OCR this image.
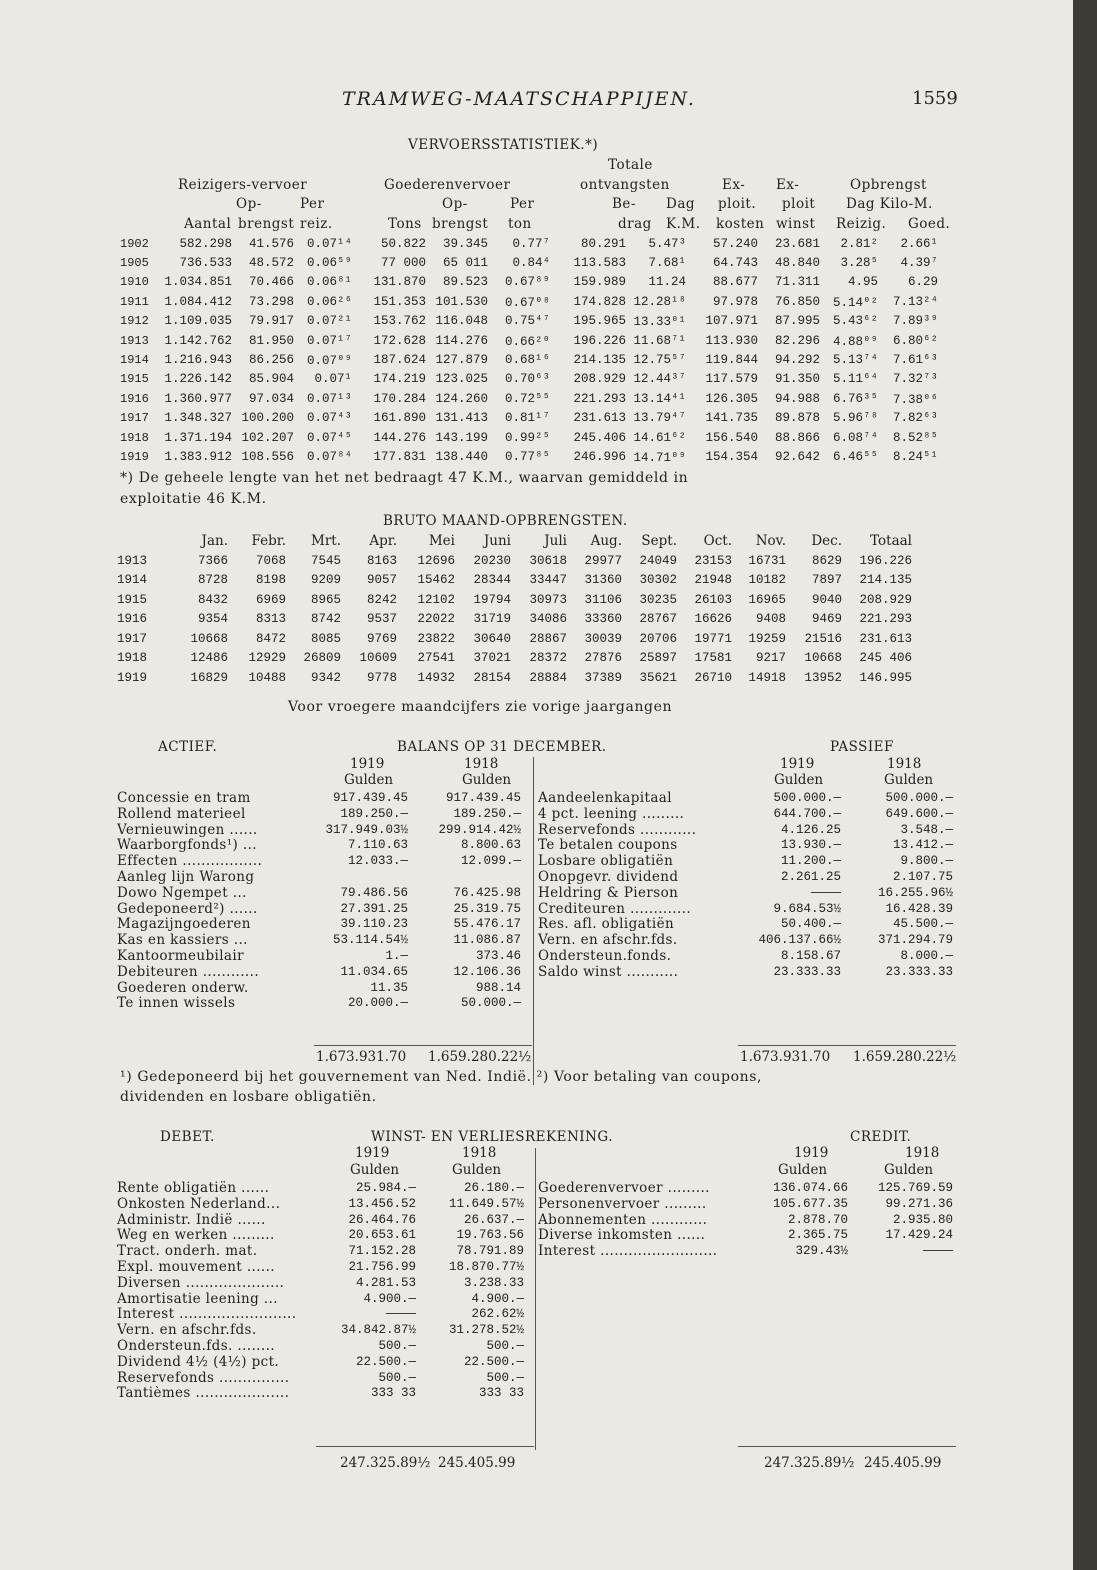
TRAMWEG-MAATSCHAPPIJEN.	1559
VERVOERSSTATISTIEK.*)
Totale
Reizigers-vervoer	Goederenvervoer	ontvangsten	Ex- Ex-	Opbrengst
Op-	Per	Op-	Per	Be- Dag ploit. ploit Dag Kilo-M.
Aantal brengst reiz.	Tons brengst ton	drag K.M. kosten winst Reizig. Goed.
1902	582.298	41.576	0.07¹⁴	50.822	39.345	0.77⁷	80.291	5.47³	57.240	23.681	2.81²	2.66¹
1905	736.533	48.572	0.06⁵⁹	77 000	65 011	0.84⁴	113.583	7.68¹	64.743	48.840	3.28⁵	4.39⁷
1910	1.034.851	70.466	0.06⁸¹	131.870	89.523	0.67⁸⁹	159.989	11.24	88.677	71.311	4.95	6.29
1911	1.084.412	73.298	0.06²⁶	151.353	101.530	0.67⁰⁸	174.828	12.28¹⁸	97.978	76.850	5.14⁰²	7.13²⁴
1912	1.109.035	79.917	0.07²¹	153.762	116.048	0.75⁴⁷	195.965	13.33⁰¹	107.971	87.995	5.43⁶²	7.89³⁹
1913	1.142.762	81.950	0.07¹⁷	172.628	114.276	0.66²⁰	196.226	11.68⁷¹	113.930	82.296	4.88⁰⁹	6.80⁶²
1914	1.216.943	86.256	0.07⁰⁹	187.624	127.879	0.68¹⁶	214.135	12.75⁵⁷	119.844	94.292	5.13⁷⁴	7.61⁶³
1915	1.226.142	85.904	0.07¹	174.219	123.025	0.70⁶³	208.929	12.44³⁷	117.579	91.350	5.11⁶⁴	7.32⁷³
1916	1.360.977	97.034	0.07¹³	170.284	124.260	0.72⁵⁵	221.293	13.14⁴¹	126.305	94.988	6.76³⁵	7.38⁰⁶
1917	1.348.327	100.200	0.07⁴³	161.890	131.413	0.81¹⁷	231.613	13.79⁴⁷	141.735	89.878	5.96⁷⁸	7.82⁶³
1918	1.371.194	102.207	0.07⁴⁵	144.276	143.199	0.99²⁵	245.406	14.61⁶²	156.540	88.866	6.08⁷⁴	8.52⁸⁵
1919	1.383.912	108.556	0.07⁸⁴	177.831	138.440	0.77⁸⁵	246.996	14.71⁰⁹	154.354	92.642	6.46⁵⁵	8.24⁵¹
*) De geheele lengte van het net bedraagt 47 K.M., waarvan gemiddeld in
exploitatie 46 K.M.
BRUTO MAAND-OPBRENGSTEN.
	Jan.	Febr.	Mrt.	Apr.	Mei	Juni	Juli	Aug.	Sept.	Oct.	Nov.	Dec.	Totaal
1913	7366	7068	7545	8163	12696	20230	30618	29977	24049	23153	16731	8629	196.226
1914	8728	8198	9209	9057	15462	28344	33447	31360	30302	21948	10182	7897	214.135
1915	8432	6969	8965	8242	12102	19794	30973	31106	30235	26103	16965	9040	208.929
1916	9354	8313	8742	9537	22022	31719	34086	33360	28767	16626	9408	9469	221.293
1917	10668	8472	8085	9769	23822	30640	28867	30039	20706	19771	19259	21516	231.613
1918	12486	12929	26809	10609	27541	37021	28372	27876	25897	17581	9217	10668	245 406
1919	16829	10488	9342	9778	14932	28154	28884	37389	35621	26710	14918	13952	146.995
Voor vroegere maandcijfers zie vorige jaargangen
ACTIEF.	BALANS OP 31 DECEMBER.	PASSIEF
1919	1918
Gulden	Gulden
1919	1918
Gulden	Gulden
Concessie en tram	917.439.45	917.439.45
Rollend materieel	189.250.—	189.250.—
Vernieuwingen ......	317.949.03½	299.914.42½
Waarborgfonds¹) ...	7.110.63	8.800.63
Effecten .................	12.033.—	12.099.—
Aanleg lijn Warong
Dowo Ngempet ...	79.486.56	76.425.98
Gedeponeerd²) ......	27.391.25	25.319.75
Magazijngoederen	39.110.23	55.476.17
Kas en kassiers ...	53.114.54½	11.086.87
Kantoormeubilair	1.—	373.46
Debiteuren ............	11.034.65	12.106.36
Goederen onderw.	11.35	988.14
Te innen wissels	20.000.—	50.000.—
Aandeelenkapitaal	500.000.—	500.000.—
4 pct. leening .........	644.700.—	649.600.—
Reservefonds ............	4.126.25	3.548.—
Te betalen coupons	13.930.—	13.412.—
Losbare obligatiën	11.200.—	9.800.—
Onopgevr. dividend	2.261.25	2.107.75
Heldring & Pierson	————	16.255.96½
Crediteuren .............	9.684.53½	16.428.39
Res. afl. obligatiën	50.400.—	45.500.—
Vern. en afschr.fds.	406.137.66½	371.294.79
Ondersteun.fonds.	8.158.67	8.000.—
Saldo winst ...........	23.333.33	23.333.33
1.673.931.70 1.659.280.22½	1.673.931.70 1.659.280.22½
¹) Gedeponeerd bij het gouvernement van Ned. Indië. ²) Voor betaling van coupons,
dividenden en losbare obligatiën.
DEBET.	WINST- EN VERLIESREKENING.	CREDIT.
1919	1918
Gulden	Gulden
1919	1918
Gulden	Gulden
Rente obligatiën ......	25.984.—	26.180.—
Onkosten Nederland...	13.456.52	11.649.57½
Administr. Indië ......	26.464.76	26.637.—
Weg en werken .........	20.653.61	19.763.56
Tract. onderh. mat.	71.152.28	78.791.89
Expl. mouvement ......	21.756.99	18.870.77½
Diversen .....................	4.281.53	3.238.33
Amortisatie leening ...	4.900.—	4.900.—
Interest .........................	————	262.62½
Vern. en afschr.fds.	34.842.87½	31.278.52½
Ondersteun.fds. ........	500.—	500.—
Dividend 4½ (4½) pct.	22.500.—	22.500.—
Reservefonds ...............	500.—	500.—
Tantièmes ....................	333 33	333 33
Goederenvervoer .........	136.074.66	125.769.59
Personenvervoer .........	105.677.35	99.271.36
Abonnementen ............	2.878.70	2.935.80
Diverse inkomsten ......	2.365.75	17.429.24
Interest .........................	329.43½	————
247.325.89½ 245.405.99	247.325.89½ 245.405.99
